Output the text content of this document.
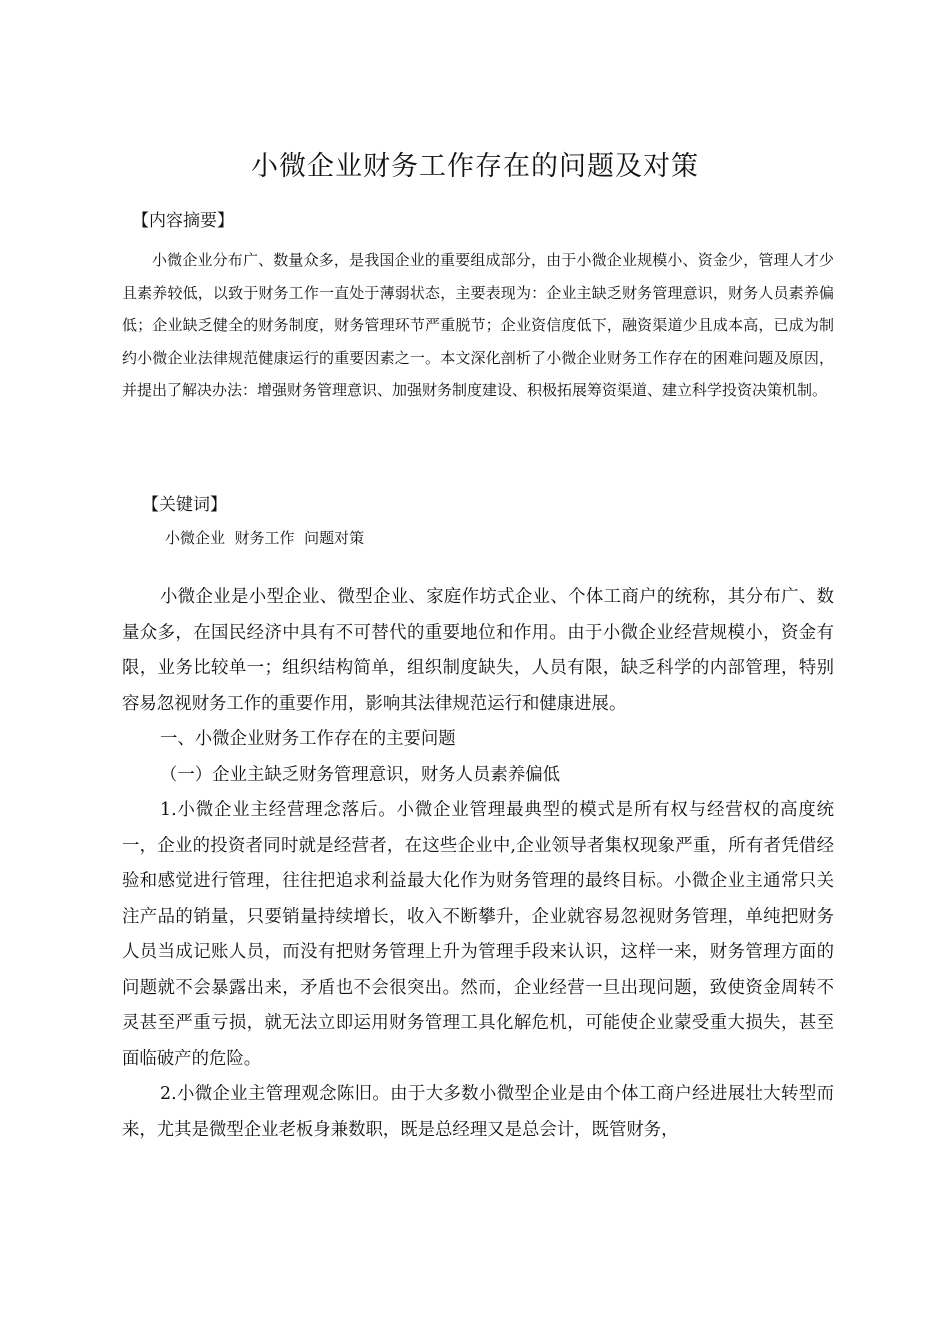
小微企业财务工作存在的问题及对策
【内容摘要】
小微企业分布广、数量众多，是我国企业的重要组成部分，由于小微企业规模小、资金少，管理人才少且素养较低，以致于财务工作一直处于薄弱状态，主要表现为：企业主缺乏财务管理意识，财务人员素养偏低；企业缺乏健全的财务制度，财务管理环节严重脱节；企业资信度低下，融资渠道少且成本高，已成为制约小微企业法律规范健康运行的重要因素之一。本文深化剖析了小微企业财务工作存在的困难问题及原因，并提出了解决办法：增强财务管理意识、加强财务制度建设、积极拓展筹资渠道、建立科学投资决策机制。
【关键词】
小微企业  财务工作  问题对策

小微企业是小型企业、微型企业、家庭作坊式企业、个体工商户的统称，其分布广、数量众多，在国民经济中具有不可替代的重要地位和作用。由于小微企业经营规模小，资金有限，业务比较单一；组织结构简单，组织制度缺失，人员有限，缺乏科学的内部管理，特别容易忽视财务工作的重要作用，影响其法律规范运行和健康进展。

一、小微企业财务工作存在的主要问题

（一）企业主缺乏财务管理意识，财务人员素养偏低

1.小微企业主经营理念落后。小微企业管理最典型的模式是所有权与经营权的高度统一，企业的投资者同时就是经营者，在这些企业中,企业领导者集权现象严重，所有者凭借经验和感觉进行管理，往往把追求利益最大化作为财务管理的最终目标。小微企业主通常只关注产品的销量，只要销量持续增长，收入不断攀升，企业就容易忽视财务管理，单纯把财务人员当成记账人员，而没有把财务管理上升为管理手段来认识，这样一来，财务管理方面的问题就不会暴露出来，矛盾也不会很突出。然而，企业经营一旦出现问题，致使资金周转不灵甚至严重亏损，就无法立即运用财务管理工具化解危机，可能使企业蒙受重大损失，甚至面临破产的危险。

2.小微企业主管理观念陈旧。由于大多数小微型企业是由个体工商户经进展壮大转型而来，尤其是微型企业老板身兼数职，既是总经理又是总会计，既管财务，
